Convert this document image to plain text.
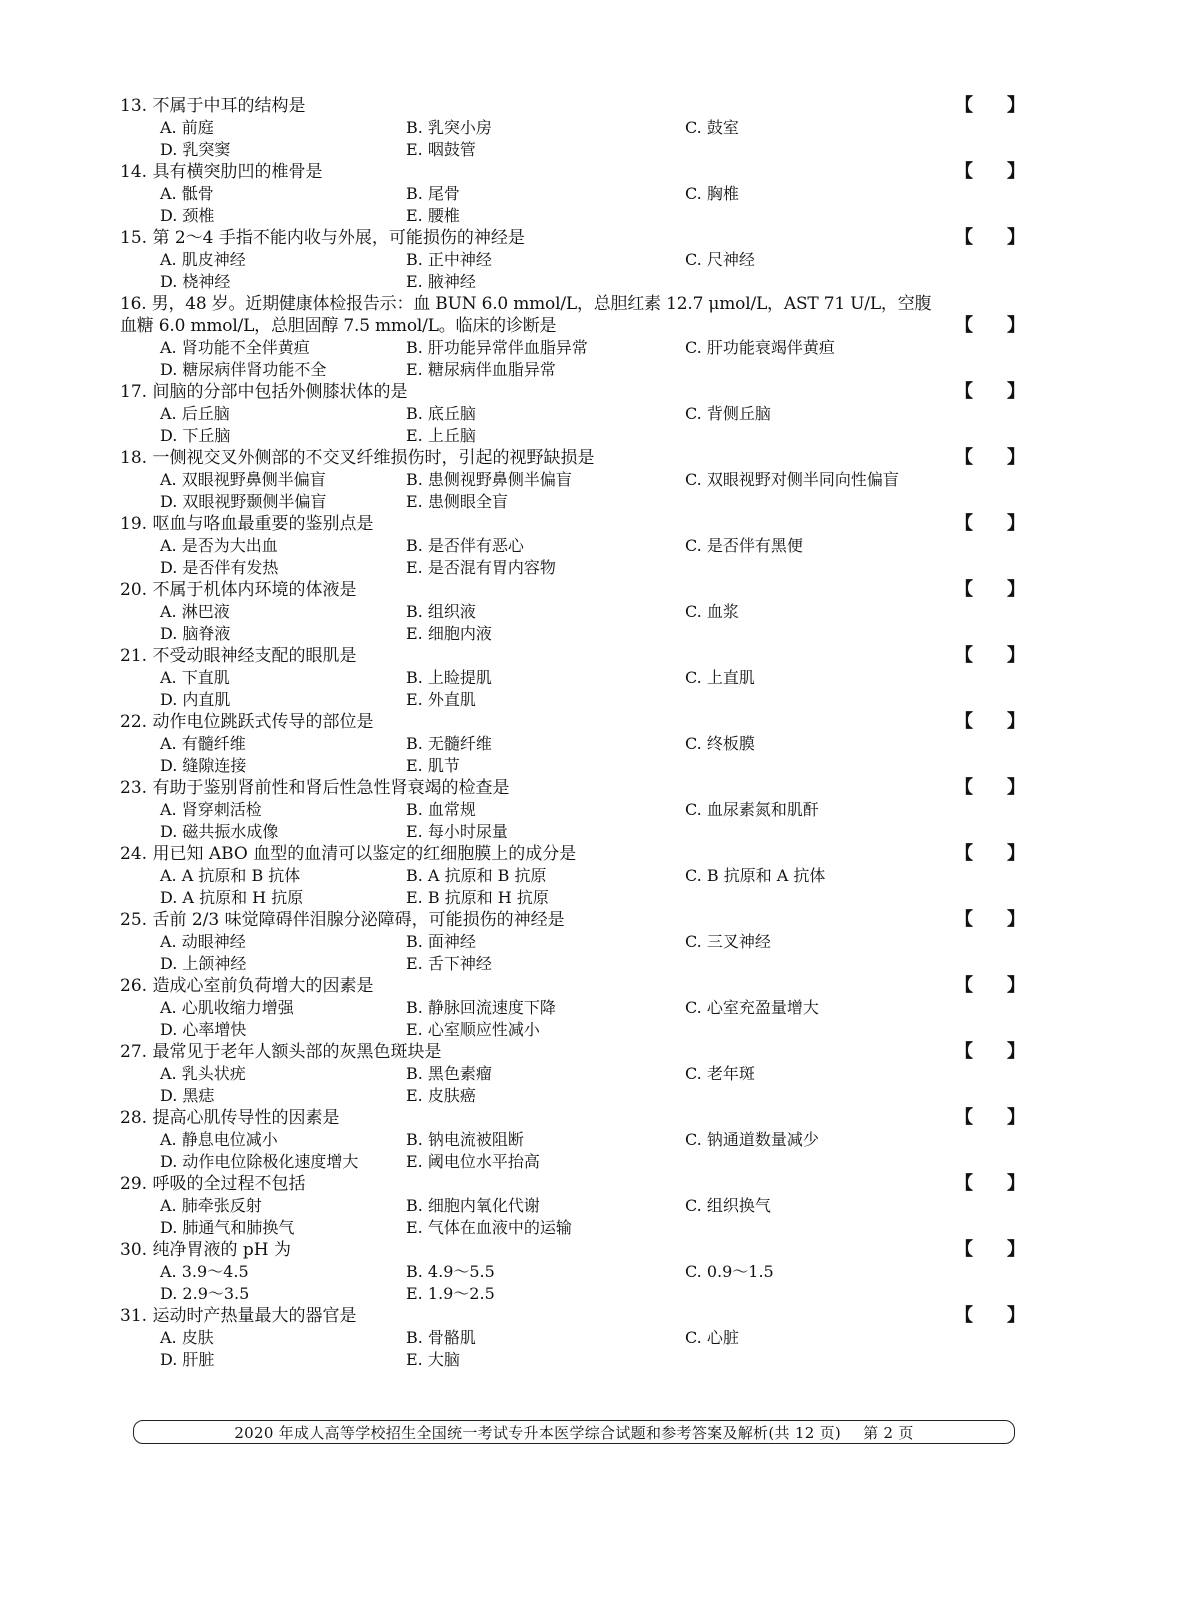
13. 不属于中耳的结构是	【 】
A. 前庭	B. 乳突小房	C. 鼓室
D. 乳突窦	E. 咽鼓管
14. 具有横突肋凹的椎骨是	【 】
A. 骶骨	B. 尾骨	C. 胸椎
D. 颈椎	E. 腰椎
15. 第 2～4 手指不能内收与外展，可能损伤的神经是	【 】
A. 肌皮神经	B. 正中神经	C. 尺神经
D. 桡神经	E. 腋神经
16. 男，48 岁。近期健康体检报告示：血 BUN 6.0 mmol/L，总胆红素 12.7 μmol/L，AST 71 U/L，空腹血糖 6.0 mmol/L，总胆固醇 7.5 mmol/L。临床的诊断是	【 】
A. 肾功能不全伴黄疸	B. 肝功能异常伴血脂异常	C. 肝功能衰竭伴黄疸
D. 糖尿病伴肾功能不全	E. 糖尿病伴血脂异常
17. 间脑的分部中包括外侧膝状体的是	【 】
A. 后丘脑	B. 底丘脑	C. 背侧丘脑
D. 下丘脑	E. 上丘脑
18. 一侧视交叉外侧部的不交叉纤维损伤时，引起的视野缺损是	【 】
A. 双眼视野鼻侧半偏盲	B. 患侧视野鼻侧半偏盲	C. 双眼视野对侧半同向性偏盲
D. 双眼视野颞侧半偏盲	E. 患侧眼全盲
19. 呕血与咯血最重要的鉴别点是	【 】
A. 是否为大出血	B. 是否伴有恶心	C. 是否伴有黑便
D. 是否伴有发热	E. 是否混有胃内容物
20. 不属于机体内环境的体液是	【 】
A. 淋巴液	B. 组织液	C. 血浆
D. 脑脊液	E. 细胞内液
21. 不受动眼神经支配的眼肌是	【 】
A. 下直肌	B. 上睑提肌	C. 上直肌
D. 内直肌	E. 外直肌
22. 动作电位跳跃式传导的部位是	【 】
A. 有髓纤维	B. 无髓纤维	C. 终板膜
D. 缝隙连接	E. 肌节
23. 有助于鉴别肾前性和肾后性急性肾衰竭的检查是	【 】
A. 肾穿刺活检	B. 血常规	C. 血尿素氮和肌酐
D. 磁共振水成像	E. 每小时尿量
24. 用已知 ABO 血型的血清可以鉴定的红细胞膜上的成分是	【 】
A. A 抗原和 B 抗体	B. A 抗原和 B 抗原	C. B 抗原和 A 抗体
D. A 抗原和 H 抗原	E. B 抗原和 H 抗原
25. 舌前 2/3 味觉障碍伴泪腺分泌障碍，可能损伤的神经是	【 】
A. 动眼神经	B. 面神经	C. 三叉神经
D. 上颌神经	E. 舌下神经
26. 造成心室前负荷增大的因素是	【 】
A. 心肌收缩力增强	B. 静脉回流速度下降	C. 心室充盈量增大
D. 心率增快	E. 心室顺应性减小
27. 最常见于老年人额头部的灰黑色斑块是	【 】
A. 乳头状疣	B. 黑色素瘤	C. 老年斑
D. 黑痣	E. 皮肤癌
28. 提高心肌传导性的因素是	【 】
A. 静息电位减小	B. 钠电流被阻断	C. 钠通道数量减少
D. 动作电位除极化速度增大	E. 阈电位水平抬高
29. 呼吸的全过程不包括	【 】
A. 肺牵张反射	B. 细胞内氧化代谢	C. 组织换气
D. 肺通气和肺换气	E. 气体在血液中的运输
30. 纯净胃液的 pH 为	【 】
A. 3.9～4.5	B. 4.9～5.5	C. 0.9～1.5
D. 2.9～3.5	E. 1.9～2.5
31. 运动时产热量最大的器官是	【 】
A. 皮肤	B. 骨骼肌	C. 心脏
D. 肝脏	E. 大脑
2020 年成人高等学校招生全国统一考试专升本医学综合试题和参考答案及解析(共 12 页) 第 2 页
